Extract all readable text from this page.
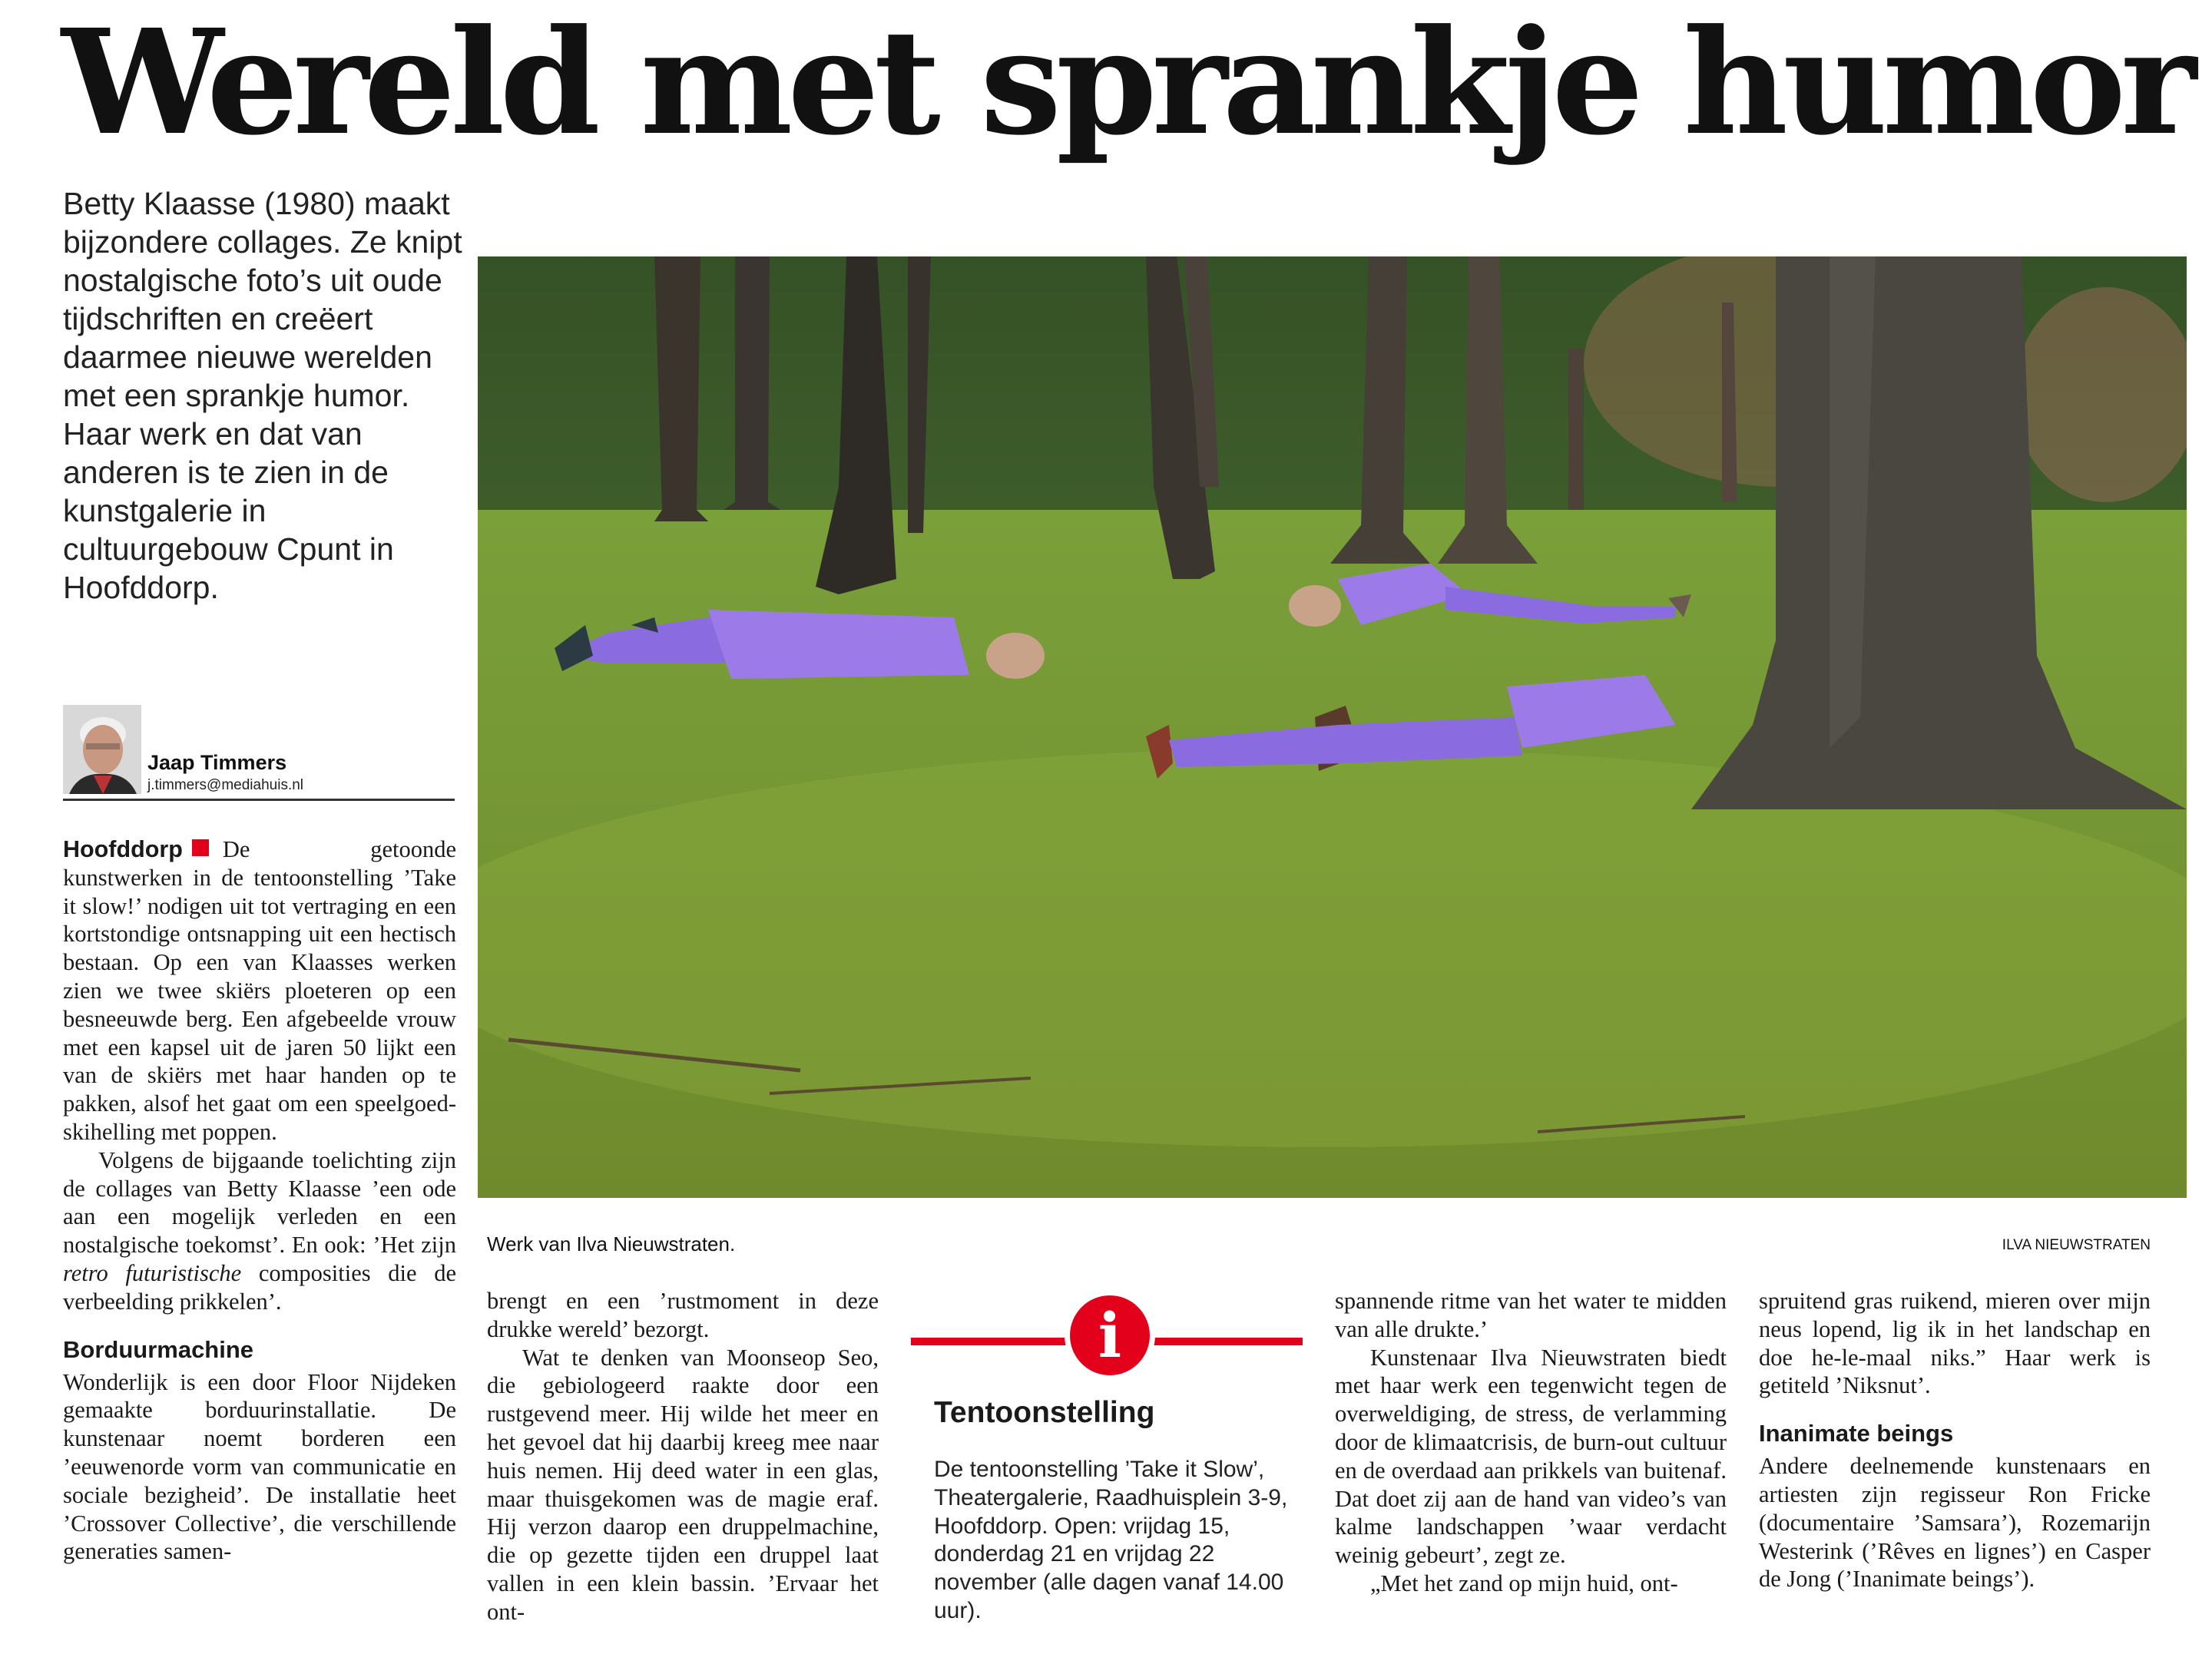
Wereld met sprankje humor

Betty Klaasse (1980) maakt bijzondere collages. Ze knipt nostalgische foto’s uit oude tijdschriften en creëert daarmee nieuwe werelden met een sprankje humor. Haar werk en dat van anderen is te zien in de kunstgalerie in cultuurgebouw Cpunt in Hoofddorp.

Jaap Timmers
j.timmers@mediahuis.nl
Werk van Ilva Nieuwstraten.	ILVA NIEUWSTRATEN

Hoofddorp De getoonde kunstwerken in de tentoonstelling ’Take it slow!’ nodigen uit tot vertraging en een kortstondige ontsnapping uit een hectisch bestaan. Op een van Klaasses werken zien we twee skiërs ploeteren op een besneeuwde berg. Een afgebeelde vrouw met een kapsel uit de jaren 50 lijkt een van de skiërs met haar handen op te pakken, alsof het gaat om een speelgoed-skihelling met poppen.

Volgens de bijgaande toelichting zijn de collages van Betty Klaasse ’een ode aan een mogelijk verleden en een nostalgische toekomst’. En ook: ’Het zijn retro futuristische composities die de verbeelding prikkelen’.

Borduurmachine

Wonderlijk is een door Floor Nijdeken gemaakte borduurinstallatie. De kunstenaar noemt borderen een ’eeuwenorde vorm van communicatie en sociale bezigheid’. De installatie heet ’Crossover Collective’, die verschillende generaties samen-

brengt en een ’rustmoment in deze drukke wereld’ bezorgt.

Wat te denken van Moonseop Seo, die gebiologeerd raakte door een rustgevend meer. Hij wilde het meer en het gevoel dat hij daarbij kreeg mee naar huis nemen. Hij deed water in een glas, maar thuisgekomen was de magie eraf. Hij verzon daarop een druppelmachine, die op gezette tijden een druppel laat vallen in een klein bassin. ’Ervaar het ont-

i
Tentoonstelling

De tentoonstelling ’Take it Slow’, Theatergalerie, Raadhuisplein 3-9, Hoofddorp. Open: vrijdag 15, donderdag 21 en vrijdag 22 november (alle dagen vanaf 14.00 uur).

spannende ritme van het water te midden van alle drukte.’

Kunstenaar Ilva Nieuwstraten biedt met haar werk een tegenwicht tegen de overweldiging, de stress, de verlamming door de klimaatcrisis, de burn-out cultuur en de overdaad aan prikkels van buitenaf. Dat doet zij aan de hand van video’s van kalme landschappen ’waar verdacht weinig gebeurt’, zegt ze.

„Met het zand op mijn huid, ont-

spruitend gras ruikend, mieren over mijn neus lopend, lig ik in het landschap en doe he-le-maal niks.” Haar werk is getiteld ’Niksnut’.

Inanimate beings

Andere deelnemende kunstenaars en artiesten zijn regisseur Ron Fricke (documentaire ’Samsara’), Rozemarijn Westerink (’Rêves en lignes’) en Casper de Jong (’Inanimate beings’).
